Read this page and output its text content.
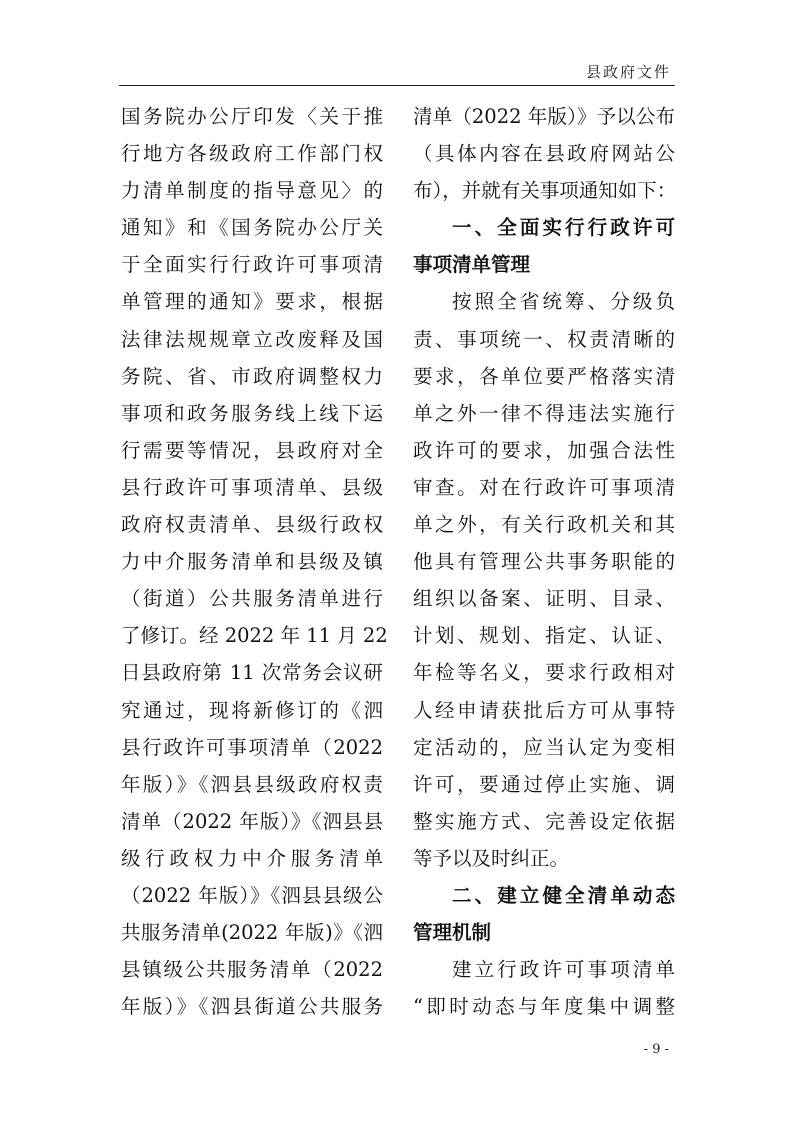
县政府文件
国务院办公厅印发〈关于推
行地方各级政府工作部门权
力清单制度的指导意见〉的
通知》和《国务院办公厅关
于全面实行行政许可事项清
单管理的通知》要求，根据
法律法规规章立改废释及国
务院、省、市政府调整权力
事项和政务服务线上线下运
行需要等情况，县政府对全
县行政许可事项清单、县级
政府权责清单、县级行政权
力中介服务清单和县级及镇
（街道）公共服务清单进行
了修订。经 2022 年 11 月 22
日县政府第 11 次常务会议研
究通过，现将新修订的《泗
县行政许可事项清单（2022
年版）》《泗县县级政府权责
清单（2022 年版）》《泗县县
级行政权力中介服务清单
（2022 年版）》《泗县县级公
共服务清单(2022 年版)》《泗
县镇级公共服务清单（2022
年版）》《泗县街道公共服务
清单（2022 年版）》予以公布
（具体内容在县政府网站公
布），并就有关事项通知如下：
一、全面实行行政许可
事项清单管理
按照全省统筹、分级负
责、事项统一、权责清晰的
要求，各单位要严格落实清
单之外一律不得违法实施行
政许可的要求，加强合法性
审查。对在行政许可事项清
单之外，有关行政机关和其
他具有管理公共事务职能的
组织以备案、证明、目录、
计划、规划、指定、认证、
年检等名义，要求行政相对
人经申请获批后方可从事特
定活动的，应当认定为变相
许可，要通过停止实施、调
整实施方式、完善设定依据
等予以及时纠正。
二、建立健全清单动态
管理机制
建立行政许可事项清单
“即时动态与年度集中调整
- 9 -
